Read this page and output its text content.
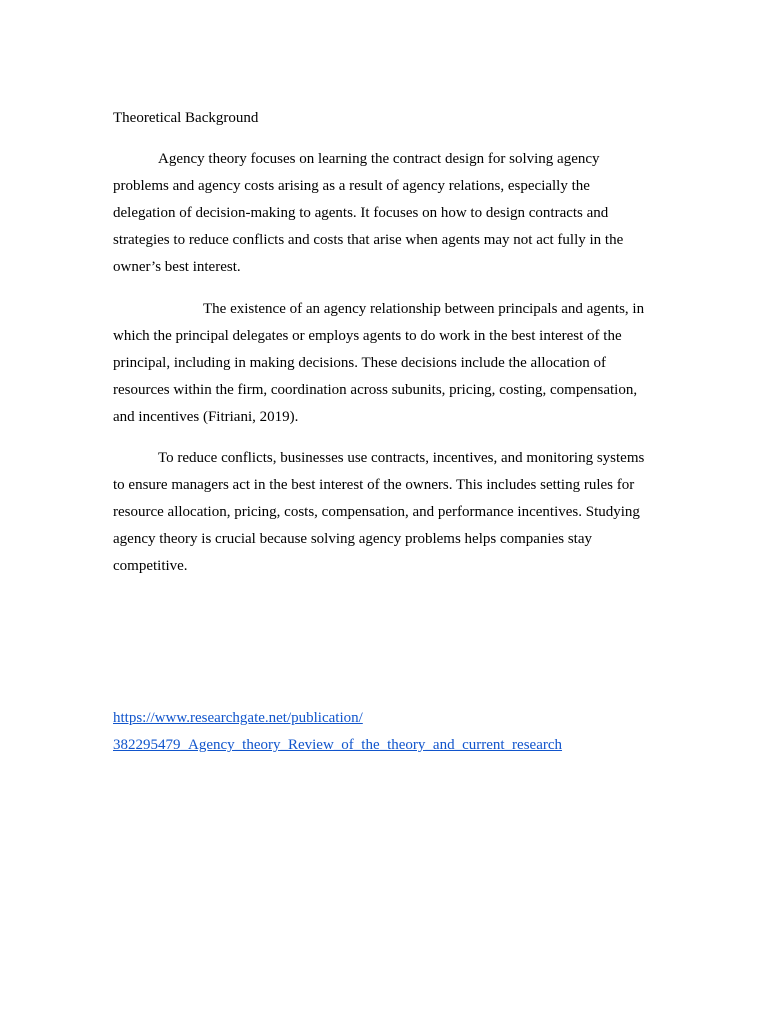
Theoretical Background
Agency theory focuses on learning the contract design for solving agency
problems and agency costs arising as a result of agency relations, especially the
delegation of decision-making to agents. It focuses on how to design contracts and
strategies to reduce conflicts and costs that arise when agents may not act fully in the
owner’s best interest.
The existence of an agency relationship between principals and agents, in
which the principal delegates or employs agents to do work in the best interest of the
principal, including in making decisions. These decisions include the allocation of
resources within the firm, coordination across subunits, pricing, costing, compensation,
and incentives (Fitriani, 2019).
To reduce conflicts, businesses use contracts, incentives, and monitoring systems
to ensure managers act in the best interest of the owners. This includes setting rules for
resource allocation, pricing, costs, compensation, and performance incentives. Studying
agency theory is crucial because solving agency problems helps companies stay
competitive.
https://www.researchgate.net/publication/
382295479_Agency_theory_Review_of_the_theory_and_current_research
